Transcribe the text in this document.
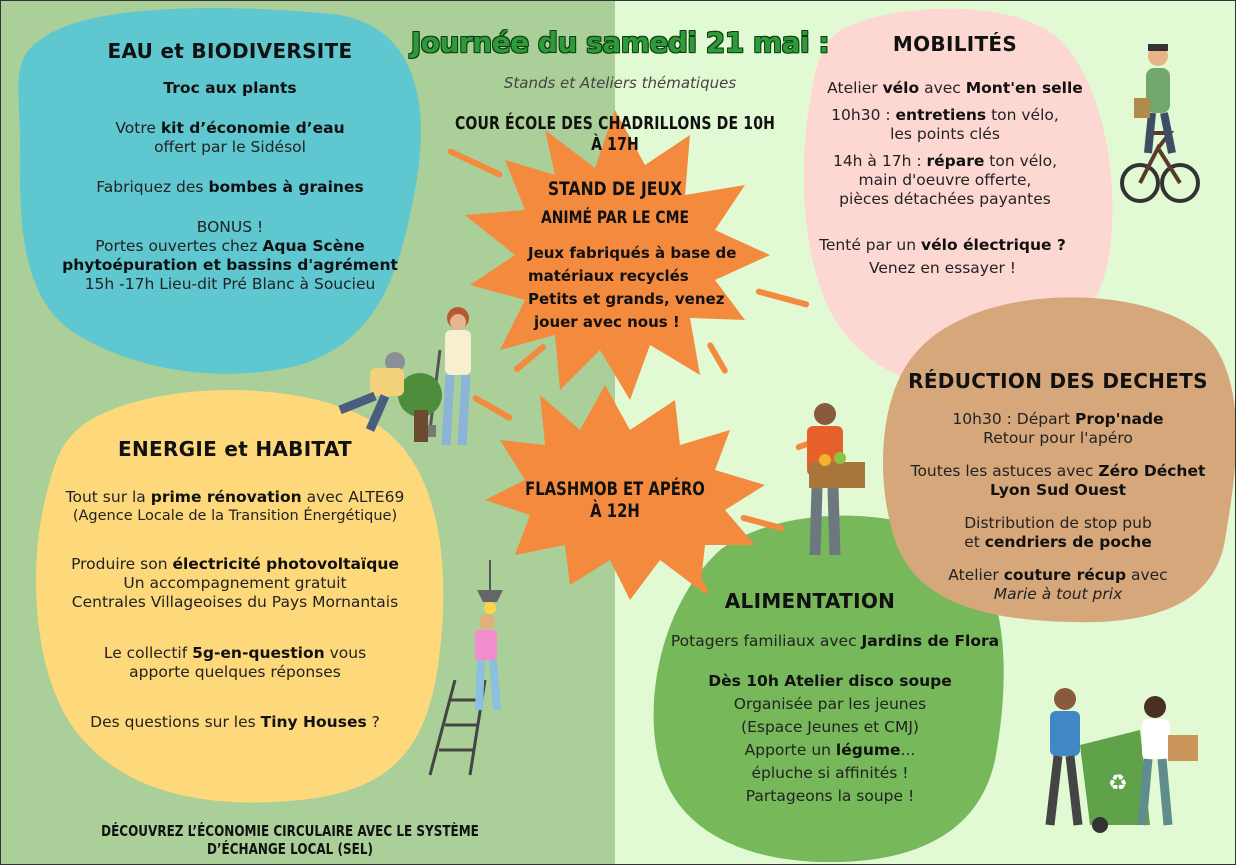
Journée du samedi 21 mai :
Stands et Ateliers thématiques
COUR ÉCOLE DES CHADRILLONS DE 10H À 17H
EAU et BIODIVERSITE
Troc aux plants
Votre kit d’économie d’eau
offert par le Sidésol
Fabriquez des bombes à graines
BONUS !
Portes ouvertes chez Aqua Scène
phytoépuration et bassins d'agrément
15h -17h Lieu-dit Pré Blanc à Soucieu
STAND DE JEUX
ANIMÉ PAR LE CME
Jeux fabriqués à base de
matériaux recyclés
Petits et grands, venez
jouer avec nous !
FLASHMOB ET APÉRO À 12H
MOBILITÉS
Atelier vélo avec Mont'en selle
10h30 : entretiens ton vélo,
les points clés
14h à 17h : répare ton vélo,
main d'oeuvre offerte,
pièces détachées payantes
Tenté par un vélo électrique ?
Venez en essayer !
ENERGIE et HABITAT
Tout sur la prime rénovation avec ALTE69
(Agence Locale de la Transition Énergétique)
Produire son électricité photovoltaïque
Un accompagnement gratuit
Centrales Villageoises du Pays Mornantais
Le collectif 5g-en-question vous
apporte quelques réponses
Des questions sur les Tiny Houses ?
RÉDUCTION DES DECHETS
10h30 : Départ Prop'nade
Retour pour l'apéro
Toutes les astuces avec Zéro Déchet
Lyon Sud Ouest
Distribution de stop pub
et cendriers de poche
Atelier couture récup avec
Marie à tout prix
ALIMENTATION
Potagers familiaux avec Jardins de Flora
Dès 10h Atelier disco soupe
Organisée par les jeunes
(Espace Jeunes et CMJ)
Apporte un légume...
épluche si affinités !
Partageons la soupe !
DÉCOUVREZ L’ÉCONOMIE CIRCULAIRE AVEC LE SYSTÈME D’ÉCHANGE LOCAL (SEL)
♻
